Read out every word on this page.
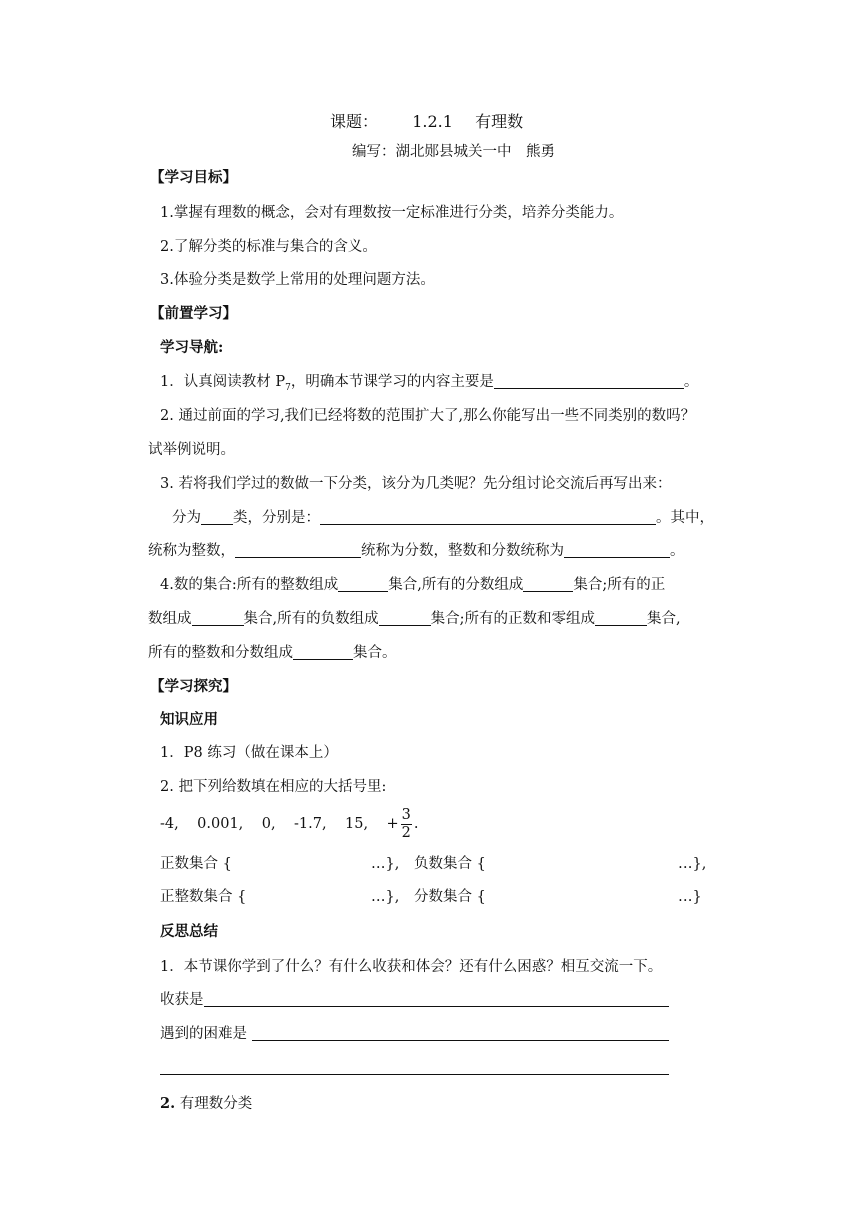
课题： 1.2.1 有理数
编写：湖北郧县城关一中　熊勇
【学习目标】
1.掌握有理数的概念，会对有理数按一定标准进行分类，培养分类能力。
2.了解分类的标准与集合的含义。
3.体验分类是数学上常用的处理问题方法。
【前置学习】
学习导航:
1．认真阅读教材 $P_7$，明确本节课学习的内容主要是	。
2. 通过前面的学习,我们已经将数的范围扩大了,那么你能写出一些不同类别的数吗？
试举例说明。
3. 若将我们学过的数做一下分类，该分为几类呢？先分组讨论交流后再写出来：
分为 类，分别是：	。其中，
统称为整数，	统称为分数，整数和分数统称为	。
4.数的集合:所有的整数组成	集合,所有的分数组成	集合;所有的正
数组成	集合,所有的负数组成	集合;所有的正数和零组成	集合,
所有的整数和分数组成	集合。
【学习探究】
知识应用
1．P8 练习（做在课本上）
2. 把下列给数填在相应的大括号里:
-4,    0.001,    0,    -1.7,    15,    + $\frac{3}{2}$ .
正数集合 {	…}, 负数集合 {	…},
正整数集合 {	…}, 分数集合 {	…}
反思总结
1．本节课你学到了什么？有什么收获和体会？还有什么困惑？相互交流一下。
收获是
遇到的困难是
2. 有理数分类
